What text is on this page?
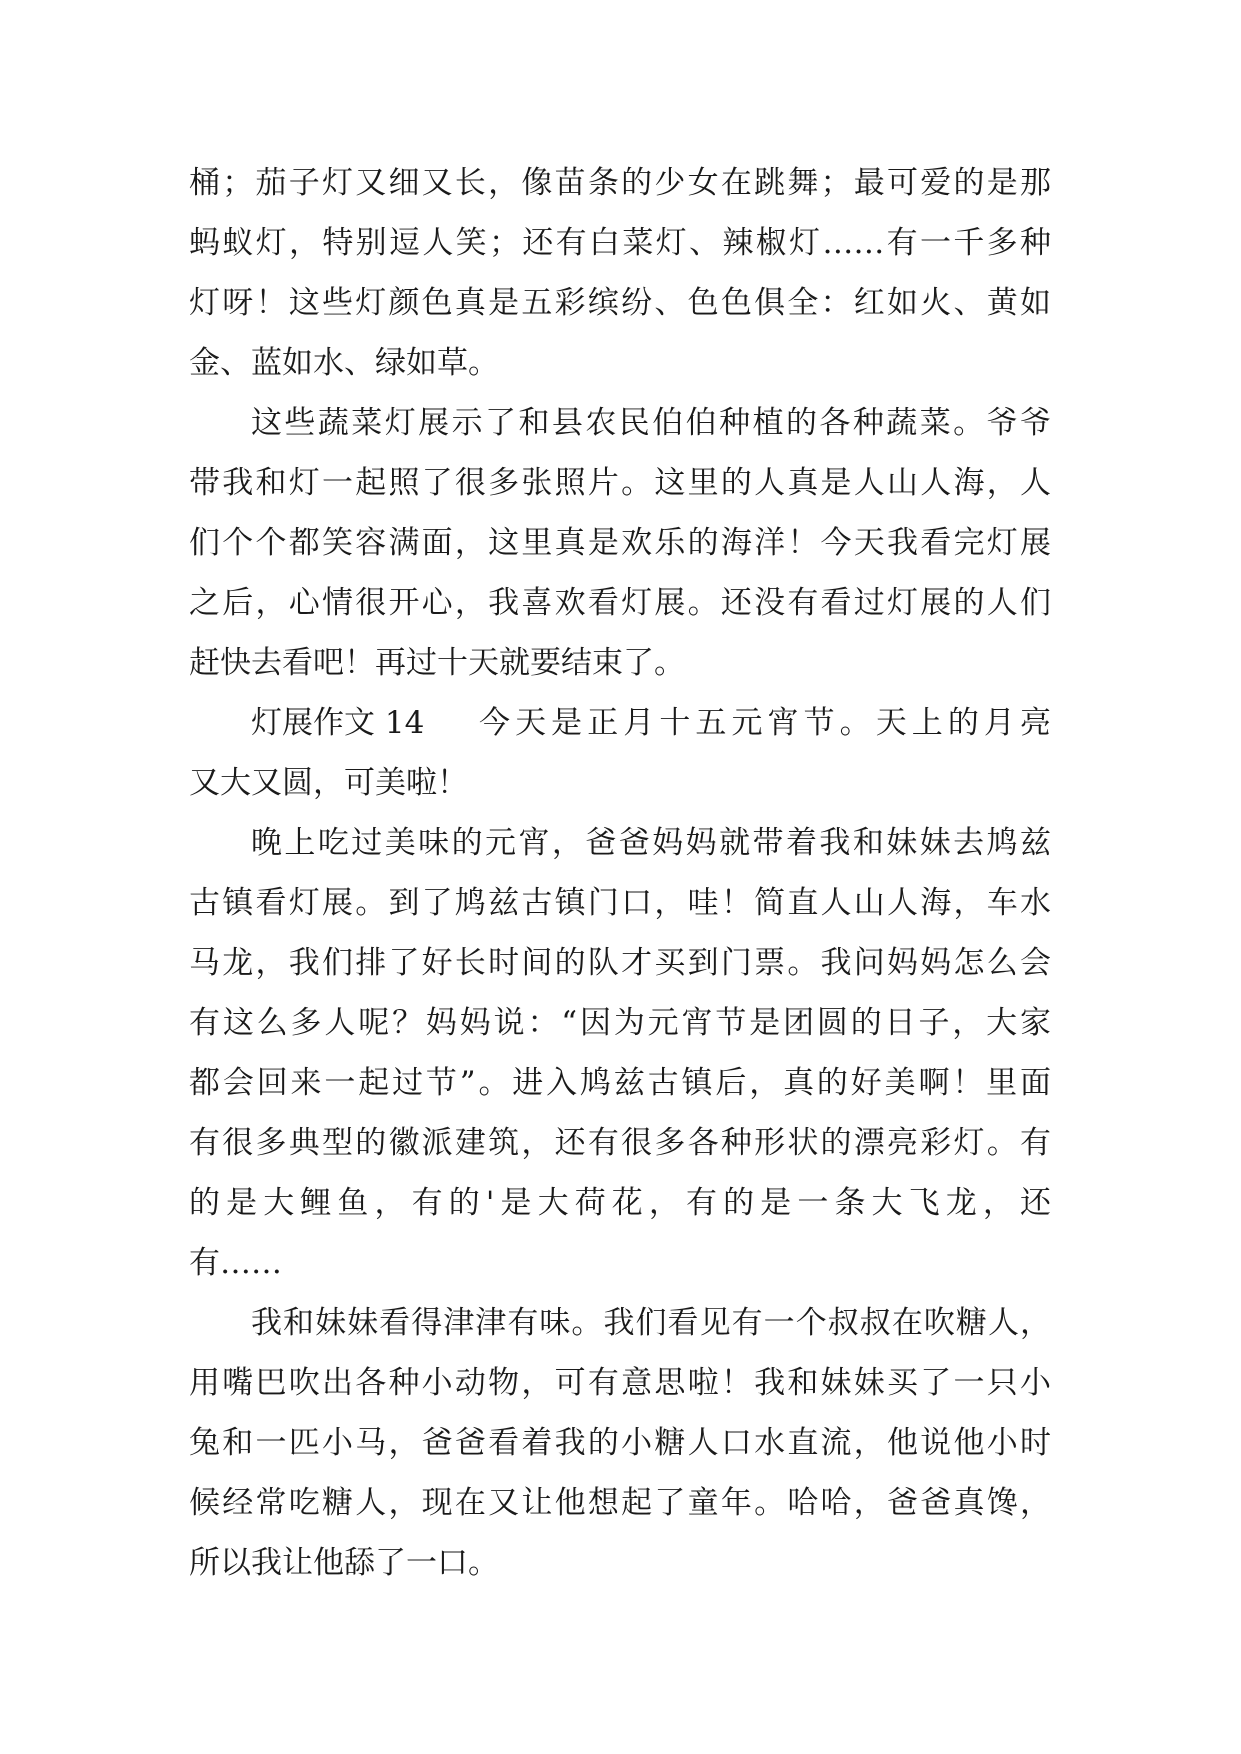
桶；茄子灯又细又长，像苗条的少女在跳舞；最可爱的是那
蚂蚁灯，特别逗人笑；还有白菜灯、辣椒灯……有一千多种
灯呀！这些灯颜色真是五彩缤纷、色色俱全：红如火、黄如
金、蓝如水、绿如草。
这些蔬菜灯展示了和县农民伯伯种植的各种蔬菜。爷爷
带我和灯一起照了很多张照片。这里的人真是人山人海，人
们个个都笑容满面，这里真是欢乐的海洋！今天我看完灯展
之后，心情很开心，我喜欢看灯展。还没有看过灯展的人们
赶快去看吧！再过十天就要结束了。
灯展作文 14	今天是正月十五元宵节。天上的月亮
又大又圆，可美啦！
晚上吃过美味的元宵，爸爸妈妈就带着我和妹妹去鸠兹
古镇看灯展。到了鸠兹古镇门口，哇！简直人山人海，车水
马龙，我们排了好长时间的队才买到门票。我问妈妈怎么会
有这么多人呢？妈妈说：“因为元宵节是团圆的日子，大家
都会回来一起过节”。进入鸠兹古镇后，真的好美啊！里面
有很多典型的徽派建筑，还有很多各种形状的漂亮彩灯。有
的是大鲤鱼，有的'是大荷花，有的是一条大飞龙，还
有……
我和妹妹看得津津有味。我们看见有一个叔叔在吹糖人，
用嘴巴吹出各种小动物，可有意思啦！我和妹妹买了一只小
兔和一匹小马，爸爸看着我的小糖人口水直流，他说他小时
候经常吃糖人，现在又让他想起了童年。哈哈，爸爸真馋，
所以我让他舔了一口。
